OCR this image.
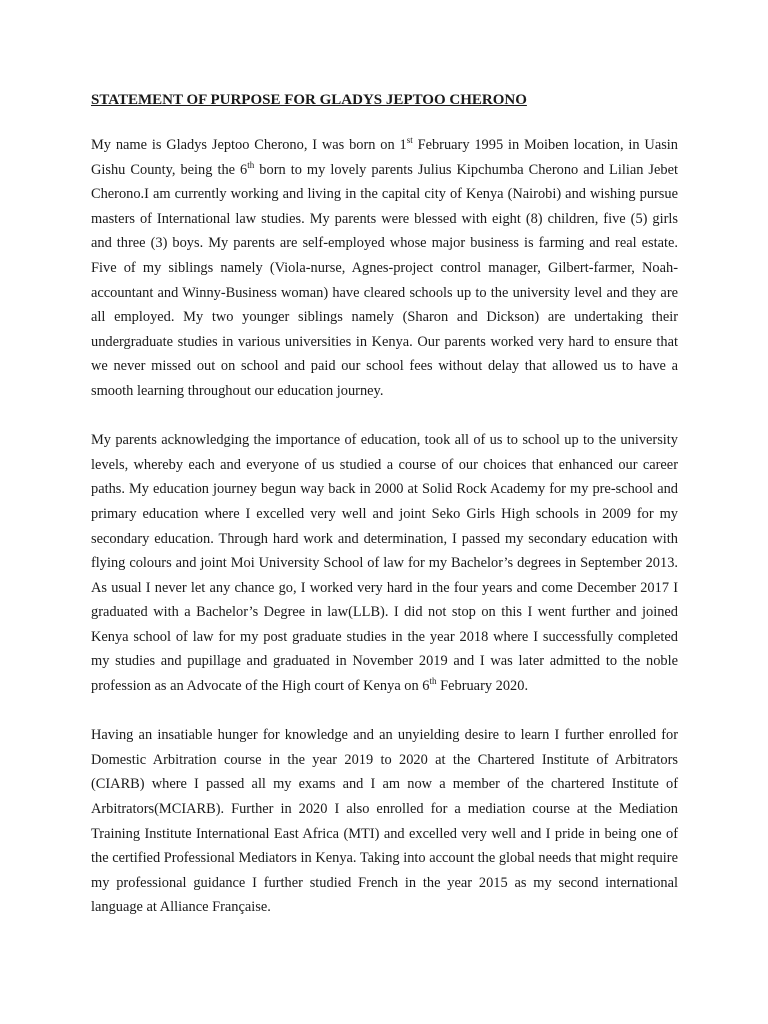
STATEMENT OF PURPOSE FOR GLADYS JEPTOO CHERONO

My name is Gladys Jeptoo Cherono, I was born on 1st February 1995 in Moiben location, in Uasin Gishu County, being the 6th born to my lovely parents Julius Kipchumba Cherono and Lilian Jebet Cherono.I am currently working and living in the capital city of Kenya (Nairobi) and wishing pursue masters of International law studies. My parents were blessed with eight (8) children, five (5) girls and three (3) boys. My parents are self-employed whose major business is farming and real estate. Five of my siblings namely (Viola-nurse, Agnes-project control manager, Gilbert-farmer, Noah-accountant and Winny-Business woman) have cleared schools up to the university level and they are all employed. My two younger siblings namely (Sharon and Dickson) are undertaking their undergraduate studies in various universities in Kenya. Our parents worked very hard to ensure that we never missed out on school and paid our school fees without delay that allowed us to have a smooth learning throughout our education journey.

My parents acknowledging the importance of education, took all of us to school up to the university levels, whereby each and everyone of us studied a course of our choices that enhanced our career paths. My education journey begun way back in 2000 at Solid Rock Academy for my pre-school and primary education where I excelled very well and joint Seko Girls High schools in 2009 for my secondary education. Through hard work and determination, I passed my secondary education with flying colours and joint Moi University School of law for my Bachelor’s degrees in September 2013. As usual I never let any chance go, I worked very hard in the four years and come December 2017 I graduated with a Bachelor’s Degree in law(LLB). I did not stop on this I went further and joined Kenya school of law for my post graduate studies in the year 2018 where I successfully completed my studies and pupillage and graduated in November 2019 and I was later admitted to the noble profession as an Advocate of the High court of Kenya on 6th February 2020.

Having an insatiable hunger for knowledge and an unyielding desire to learn I further enrolled for Domestic Arbitration course in the year 2019 to 2020 at the Chartered Institute of Arbitrators (CIARB) where I passed all my exams and I am now a member of the chartered Institute of Arbitrators(MCIARB). Further in 2020 I also enrolled for a mediation course at the Mediation Training Institute International East Africa (MTI) and excelled very well and I pride in being one of the certified Professional Mediators in Kenya. Taking into account the global needs that might require my professional guidance I further studied French in the year 2015 as my second international language at Alliance Française.
